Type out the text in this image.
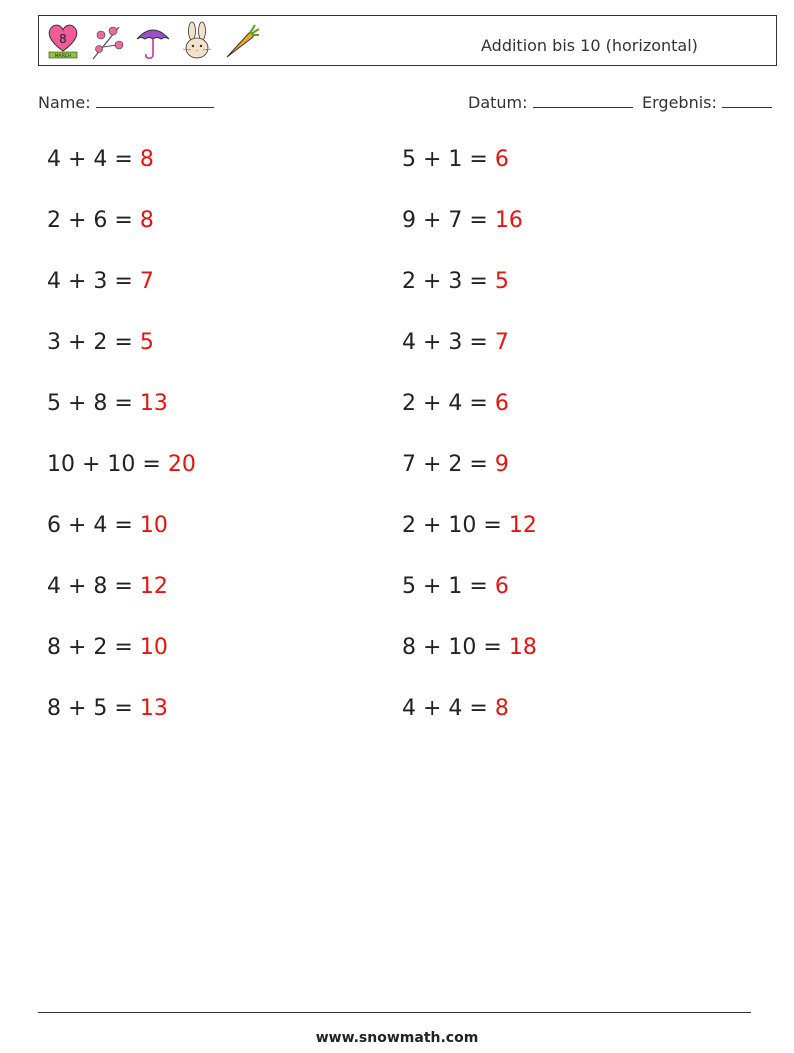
8
MARCH
Addition bis 10 (horizontal)
Name:	Datum:	Ergebnis:
4 + 4 = 8
2 + 6 = 8
4 + 3 = 7
3 + 2 = 5
5 + 8 = 13
10 + 10 = 20
6 + 4 = 10
4 + 8 = 12
8 + 2 = 10
8 + 5 = 13
5 + 1 = 6
9 + 7 = 16
2 + 3 = 5
4 + 3 = 7
2 + 4 = 6
7 + 2 = 9
2 + 10 = 12
5 + 1 = 6
8 + 10 = 18
4 + 4 = 8
www.snowmath.com
